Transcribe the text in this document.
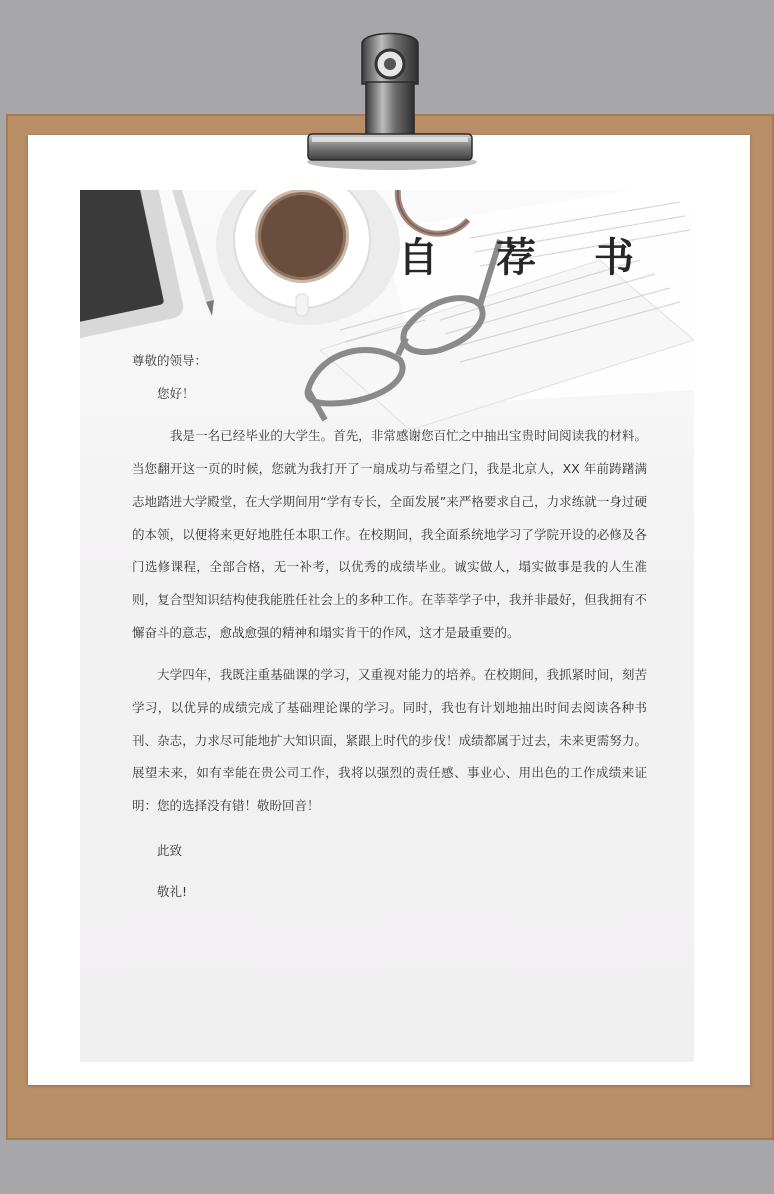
自 荐 书

尊敬的领导：

您好！

我是一名已经毕业的大学生。首先，非常感谢您百忙之中抽出宝贵时间阅读我的材料。当您翻开这一页的时候，您就为我打开了一扇成功与希望之门，我是北京人，XX 年前踌躇满志地踏进大学殿堂，在大学期间用“学有专长，全面发展”来严格要求自己，力求练就一身过硬的本领，以便将来更好地胜任本职工作。在校期间，我全面系统地学习了学院开设的必修及各门选修课程，全部合格，无一补考，以优秀的成绩毕业。诚实做人，塌实做事是我的人生准则，复合型知识结构使我能胜任社会上的多种工作。在莘莘学子中，我并非最好，但我拥有不懈奋斗的意志，愈战愈强的精神和塌实肯干的作风，这才是最重要的。

大学四年，我既注重基础课的学习，又重视对能力的培养。在校期间，我抓紧时间，刻苦学习，以优异的成绩完成了基础理论课的学习。同时，我也有计划地抽出时间去阅读各种书刊、杂志，力求尽可能地扩大知识面，紧跟上时代的步伐！成绩都属于过去，未来更需努力。展望未来，如有幸能在贵公司工作，我将以强烈的责任感、事业心、用出色的工作成绩来证明：您的选择没有错！敬盼回音！

此致

敬礼!
